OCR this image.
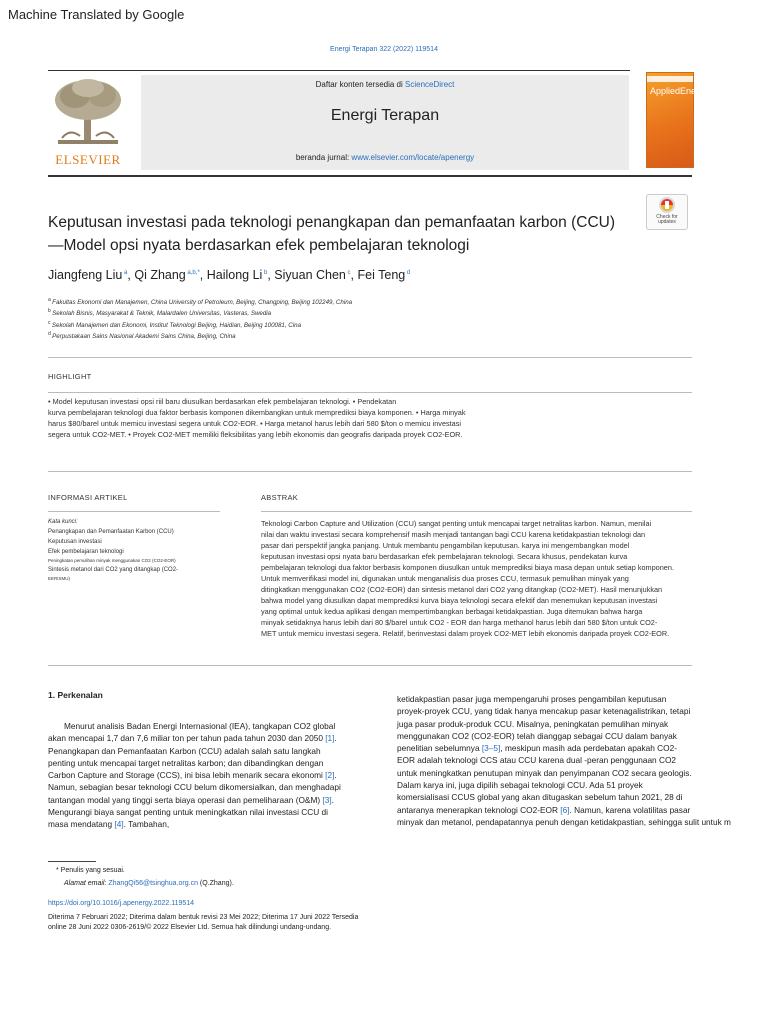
Machine Translated by Google
Energi Terapan 322 (2022) 119514
ELSEVIER
Daftar konten tersedia di ScienceDirect
Energi Terapan
beranda jurnal: www.elsevier.com/locate/apenergy
AppliedEnergy
Check for updates
Keputusan investasi pada teknologi penangkapan dan pemanfaatan karbon (CCU)—Model opsi nyata berdasarkan efek pembelajaran teknologi
Jiangfeng Liu $^a$, Qi Zhang $^{a,b,*}$, Hailong Li $^b$, Siyuan Chen $^c$, Fei Teng $^d$
$^a$ Fakultas Ekonomi dan Manajemen, China University of Petroleum, Beijing, Changping, Beijing 102249, China
$^b$ Sekolah Bisnis, Masyarakat & Teknik, Malardalen Universitas, Vasteras, Swedia
$^c$ Sekolah Manajemen dan Ekonomi, Institut Teknologi Beijing, Haidian, Beijing 100081, Cina
$^d$ Perpustakaan Sains Nasional Akademi Sains China, Beijing, China
HIGHLIGHT
• Model keputusan investasi opsi riil baru diusulkan berdasarkan efek pembelajaran teknologi. • Pendekatan
kurva pembelajaran teknologi dua faktor berbasis komponen dikembangkan untuk memprediksi biaya komponen. • Harga minyak
harus $80/barel untuk memicu investasi segera untuk CO2-EOR. • Harga metanol harus lebih dari 580 $/ton o memicu investasi
segera untuk CO2-MET. • Proyek CO2-MET memiliki fleksibilitas yang lebih ekonomis dan geografis daripada proyek CO2-EOR.
INFORMASI ARTIKEL
Kata kunci:
Penangkapan dan Pemanfaatan Karbon (CCU)
Keputusan investasi
Efek pembelajaran teknologi
Peningkatan pemulihan minyak menggunakan CO2 (CO2-EOR)
Sintesis metanol dari CO2 yang ditangkap (CO2-
EERISMU)
ABSTRAK
Teknologi Carbon Capture and Utilization (CCU) sangat penting untuk mencapai target netralitas karbon. Namun, menilai
nilai dan waktu investasi secara komprehensif masih menjadi tantangan bagi CCU karena ketidakpastian teknologi dan
pasar dari perspektif jangka panjang. Untuk membantu pengambilan keputusan. karya ini mengembangkan model
keputusan investasi opsi nyata baru berdasarkan efek pembelajaran teknologi. Secara khusus, pendekatan kurva
pembelajaran teknologi dua faktor berbasis komponen diusulkan untuk memprediksi biaya masa depan untuk setiap komponen.
Untuk memverifikasi model ini, digunakan untuk menganalisis dua proses CCU, termasuk pemulihan minyak yang
ditingkatkan menggunakan CO2 (CO2-EOR) dan sintesis metanol dari CO2 yang ditangkap (CO2-MET). Hasil menunjukkan
bahwa model yang diusulkan dapat memprediksi kurva biaya teknologi secara efektif dan menemukan keputusan investasi
yang optimal untuk kedua aplikasi dengan mempertimbangkan berbagai ketidakpastian. Juga ditemukan bahwa harga
minyak setidaknya harus lebih dari 80 $/barel untuk CO2 - EOR dan harga methanol harus lebih dari 580 $/ton untuk CO2-
MET untuk memicu investasi segera. Relatif, berinvestasi dalam proyek CO2-MET lebih ekonomis daripada proyek CO2-EOR.
1. Perkenalan
Menurut analisis Badan Energi Internasional (IEA), tangkapan CO2 global
akan mencapai 1,7 dan 7,6 miliar ton per tahun pada tahun 2030 dan 2050 [1].
Penangkapan dan Pemanfaatan Karbon (CCU) adalah salah satu langkah
penting untuk mencapai target netralitas karbon; dan dibandingkan dengan
Carbon Capture and Storage (CCS), ini bisa lebih menarik secara ekonomi [2].
Namun, sebagian besar teknologi CCU belum dikomersialkan, dan menghadapi
tantangan modal yang tinggi serta biaya operasi dan pemeliharaan (O&M) [3].
Mengurangi biaya sangat penting untuk meningkatkan nilai investasi CCU di
masa mendatang [4]. Tambahan,
ketidakpastian pasar juga mempengaruhi proses pengambilan keputusan
proyek-proyek CCU, yang tidak hanya mencakup pasar ketenagalistrikan, tetapi
juga pasar produk-produk CCU. Misalnya, peningkatan pemulihan minyak
menggunakan CO2 (CO2-EOR) telah dianggap sebagai CCU dalam banyak
penelitian sebelumnya [3–5], meskipun masih ada perdebatan apakah CO2-
EOR adalah teknologi CCS atau CCU karena dual -peran penggunaan CO2
untuk meningkatkan penutupan minyak dan penyimpanan CO2 secara geologis.
Dalam karya ini, juga dipilih sebagai teknologi CCU. Ada 51 proyek
komersialisasi CCUS global yang akan ditugaskan sebelum tahun 2021, 28 di
antaranya menerapkan teknologi CO2-EOR [6]. Namun, karena volatilitas pasar
minyak dan metanol, pendapatannya penuh dengan ketidakpastian, sehingga sulit untuk m
* Penulis yang sesuai.
Alamat email: ZhangQi56@tsinghua.org.cn (Q.Zhang).
https://doi.org/10.1016/j.apenergy.2022.119514
Diterima 7 Februari 2022; Diterima dalam bentuk revisi 23 Mei 2022; Diterima 17 Juni 2022 Tersedia
online 28 Juni 2022 0306-2619/© 2022 Elsevier Ltd. Semua hak dilindungi undang-undang.
